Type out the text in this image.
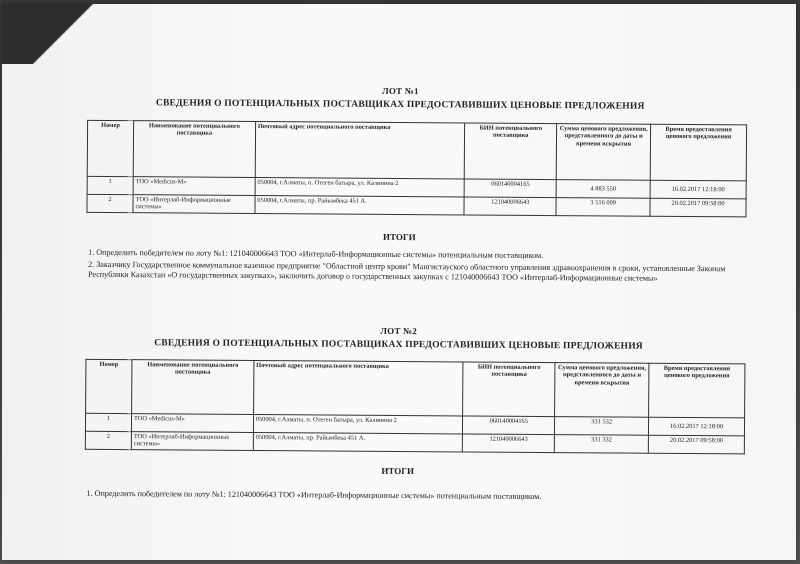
ЛОТ №1
СВЕДЕНИЯ О ПОТЕНЦИАЛЬНЫХ ПОСТАВЩИКАХ ПРЕДОСТАВИВШИХ ЦЕНОВЫЕ ПРЕДЛОЖЕНИЯ
Номер	Наименование потенциального поставщика	Почтовый адрес потенциального поставщика	БИН потенциального поставщика	Сумма ценового предложения, представленного до даты и времени вскрытия	Время предоставления ценового предложения
1	ТОО «Medicus-M»	050004, г.Алматы, п. Отеген батыра, ул. Калинина 2	060140004165	4 883 550	16.02.2017 12:18:00
2	ТОО «Интерлаб-Информационные системы»	050004, г.Алматы, пр. Райымбека 451 А.	121040006643	3 516 009	20.02.2017 09:58:00
ИТОГИ
1. Определить победителем по лоту №1: 121040006643 ТОО «Интерлаб-Информационные системы» потенциальным поставщиком.
2. Заказчику Государственное коммунальное казенное предприятие "Областной центр крови" Мангистауского областного управления здравоохранения в сроки, установленные Законом Республики Казахстан «О государственных закупках», заключить договор о государственных закупках с 121040006643 ТОО «Интерлаб-Информационные системы»
ЛОТ №2
СВЕДЕНИЯ О ПОТЕНЦИАЛЬНЫХ ПОСТАВЩИКАХ ПРЕДОСТАВИВШИХ ЦЕНОВЫЕ ПРЕДЛОЖЕНИЯ
Номер	Наименование потенциального поставщика	Почтовый адрес потенциального поставщика	БИН потенциального поставщика	Сумма ценового предложения, представленного до даты и времени вскрытия	Время предоставления ценового предложения
1	ТОО «Medicus-M»	050004, г.Алматы, п. Отеген батыра, ул. Калинина 2	060140004165	331 532	16.02.2017 12:18:00
2	ТОО «Интерлаб-Информационные системы»	050004, г.Алматы, пр. Райымбека 451 А.	121040006643	331 332	20.02.2017 09:58:00
ИТОГИ
1. Определить победителем по лоту №1: 121040006643 ТОО «Интерлаб-Информационные системы» потенциальным поставщиком.
